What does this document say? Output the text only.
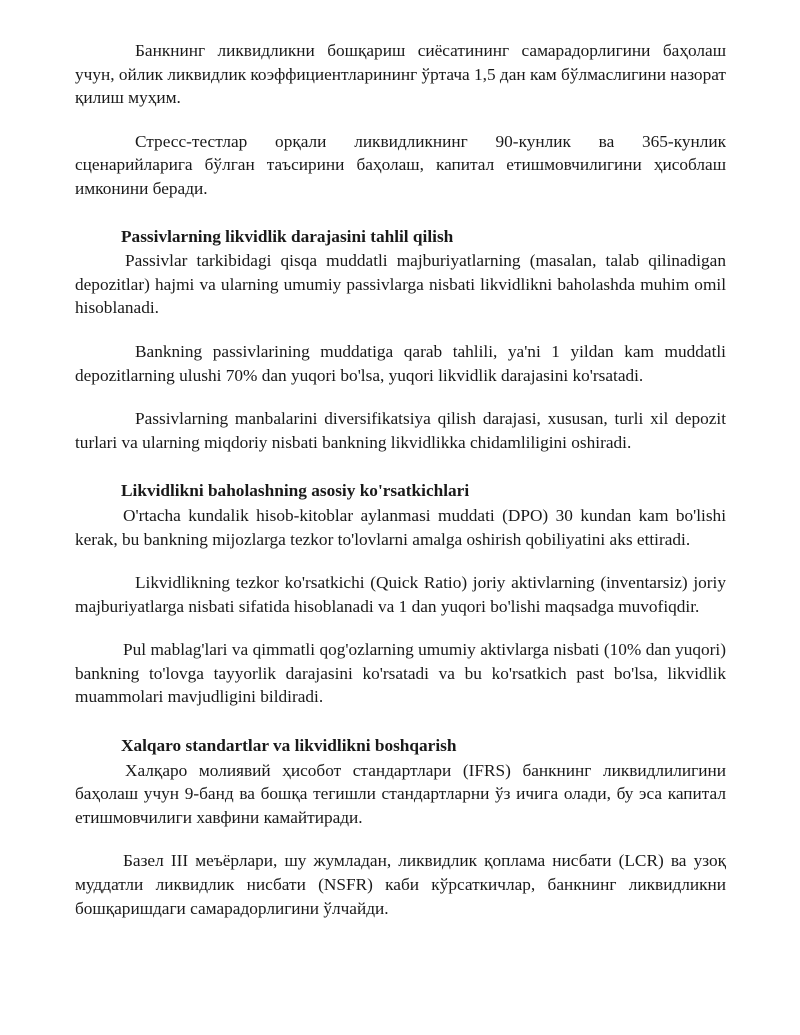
Банкнинг ликвидликни бошқариш сиёсатининг самарадорлигини баҳолаш учун, ойлик ликвидлик коэффициентларининг ўртача 1,5 дан кам бўлмаслигини назорат қилиш муҳим.

Стресс-тестлар орқали ликвидликнинг 90-кунлик ва 365-кунлик сценарийларига бўлган таъсирини баҳолаш, капитал етишмовчилигини ҳисоблаш имконини беради.

Passivlarning likvidlik darajasini tahlil qilish

Passivlar tarkibidagi qisqa muddatli majburiyatlarning (masalan, talab qilinadigan depozitlar) hajmi va ularning umumiy passivlarga nisbati likvidlikni baholashda muhim omil hisoblanadi.

Bankning passivlarining muddatiga qarab tahlili, ya'ni 1 yildan kam muddatli depozitlarning ulushi 70% dan yuqori bo'lsa, yuqori likvidlik darajasini ko'rsatadi.

Passivlarning manbalarini diversifikatsiya qilish darajasi, xususan, turli xil depozit turlari va ularning miqdoriy nisbati bankning likvidlikka chidamliligini oshiradi.

Likvidlikni baholashning asosiy ko'rsatkichlari

O'rtacha kundalik hisob-kitoblar aylanmasi muddati (DPO) 30 kundan kam bo'lishi kerak, bu bankning mijozlarga tezkor to'lovlarni amalga oshirish qobiliyatini aks ettiradi.

Likvidlikning tezkor ko'rsatkichi (Quick Ratio) joriy aktivlarning (inventarsiz) joriy majburiyatlarga nisbati sifatida hisoblanadi va 1 dan yuqori bo'lishi maqsadga muvofiqdir.

Pul mablag'lari va qimmatli qog'ozlarning umumiy aktivlarga nisbati (10% dan yuqori) bankning to'lovga tayyorlik darajasini ko'rsatadi va bu ko'rsatkich past bo'lsa, likvidlik muammolari mavjudligini bildiradi.

Xalqaro standartlar va likvidlikni boshqarish

Халқаро молиявий ҳисобот стандартлари (IFRS) банкнинг ликвидлилигини баҳолаш учун 9-банд ва бошқа тегишли стандартларни ўз ичига олади, бу эса капитал етишмовчилиги хавфини камайтиради.

Базел III меъёрлари, шу жумладан, ликвидлик қоплама нисбати (LCR) ва узоқ муддатли ликвидлик нисбати (NSFR) каби кўрсаткичлар, банкнинг ликвидликни бошқаришдаги самарадорлигини ўлчайди.
